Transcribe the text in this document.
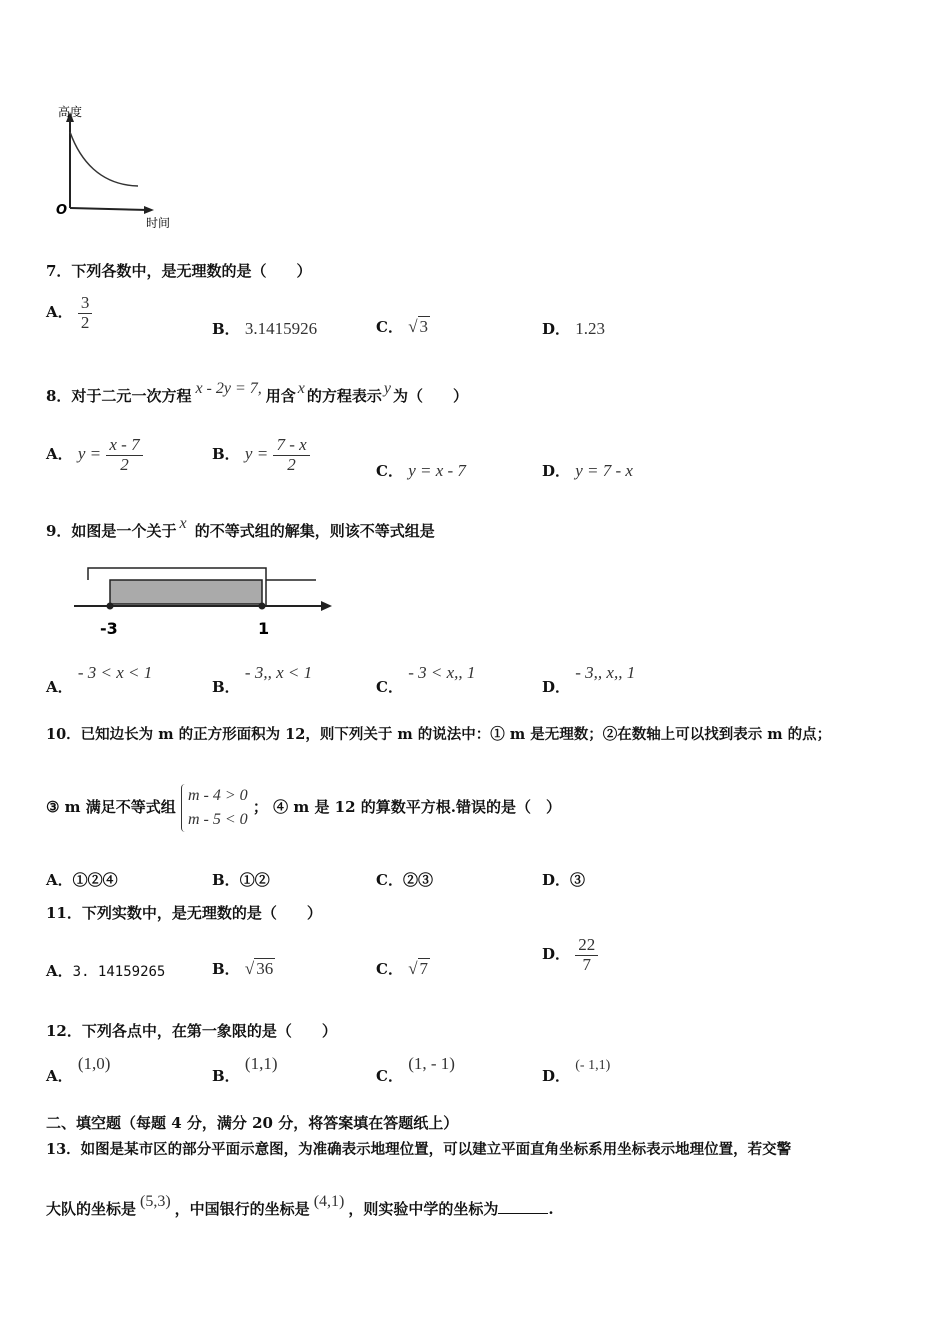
高度
O
时间
7．下列各数中，是无理数的是（　　）
A． $\frac{3}{2}$	B． 3.1415926	C． √ 3	D． 1.23
8．对于二元一次方程 x - 2y = 7, 用含 x 的方程表示 y 为（　　）
A． $y = \frac{x - 7}{2}$	B． $y = \frac{7 - x}{2}$	C． y = x - 7	D． y = 7 - x
9．如图是一个关于 x 的不等式组的解集，则该不等式组是
-3	1
A． - 3 < x < 1
B． - 3,, x < 1
C． - 3 < x,, 1
D． - 3,, x,, 1
10．已知边长为 m 的正方形面积为 12，则下列关于 m 的说法中：① m 是无理数；②在数轴上可以找到表示 m 的点；
③ m 满足不等式组
m - 4 > 0
m - 5 < 0
； ④ m 是 12 的算数平方根.错误的是（　）
A．①②④	B．①②	C．②③	D．③
11．下列实数中，是无理数的是（　　）
A．3. 14159265	B． √ 36	C． √ 7
D． $\frac{22}{7}$
12．下列各点中，在第一象限的是（　　）
A． (1,0)
B． (1,1)
C． (1, - 1)
D． (- 1,1)
二、填空题（每题 4 分，满分 20 分，将答案填在答题纸上）
13．如图是某市区的部分平面示意图，为准确表示地理位置，可以建立平面直角坐标系用坐标表示地理位置，若交警
大队的坐标是 (5,3) ，中国银行的坐标是 (4,1) ，则实验中学的坐标为	.
